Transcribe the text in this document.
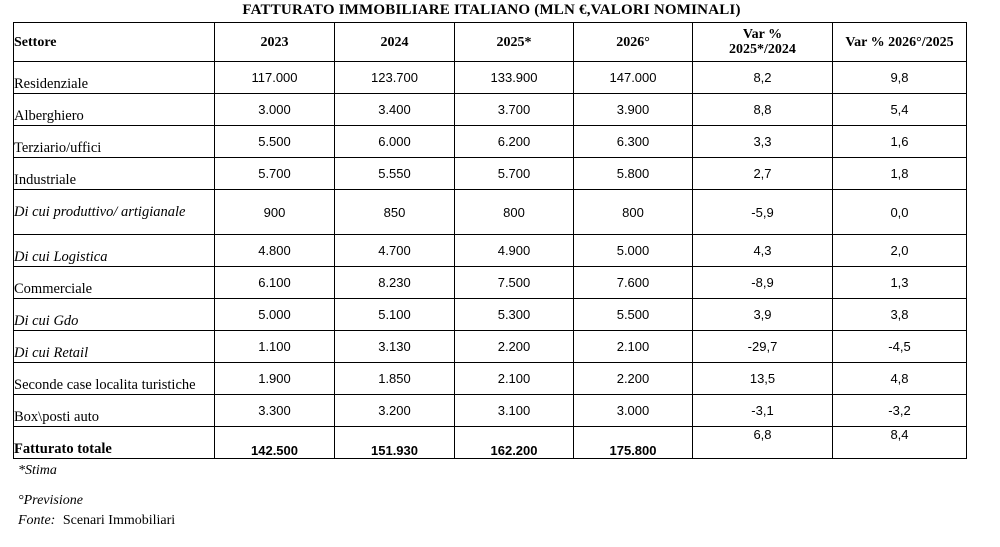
FATTURATO IMMOBILIARE ITALIANO (MLN €,VALORI NOMINALI)
Settore	2023	2024	2025*	2026°	Var % 2025*/2024	Var % 2026°/2025
Residenziale	117.000	123.700	133.900	147.000	8,2	9,8
Alberghiero	3.000	3.400	3.700	3.900	8,8	5,4
Terziario/uffici	5.500	6.000	6.200	6.300	3,3	1,6
Industriale	5.700	5.550	5.700	5.800	2,7	1,8
Di cui produttivo/ artigianale	900	850	800	800	-5,9	0,0
Di cui Logistica	4.800	4.700	4.900	5.000	4,3	2,0
Commerciale	6.100	8.230	7.500	7.600	-8,9	1,3
Di cui Gdo	5.000	5.100	5.300	5.500	3,9	3,8
Di cui Retail	1.100	3.130	2.200	2.100	-29,7	-4,5
Seconde case localita turistiche	1.900	1.850	2.100	2.200	13,5	4,8
Box\posti auto	3.300	3.200	3.100	3.000	-3,1	-3,2
Fatturato totale	142.500	151.930	162.200	175.800	6,8	8,4
*Stima
°Previsione
Fonte: Scenari Immobiliari
